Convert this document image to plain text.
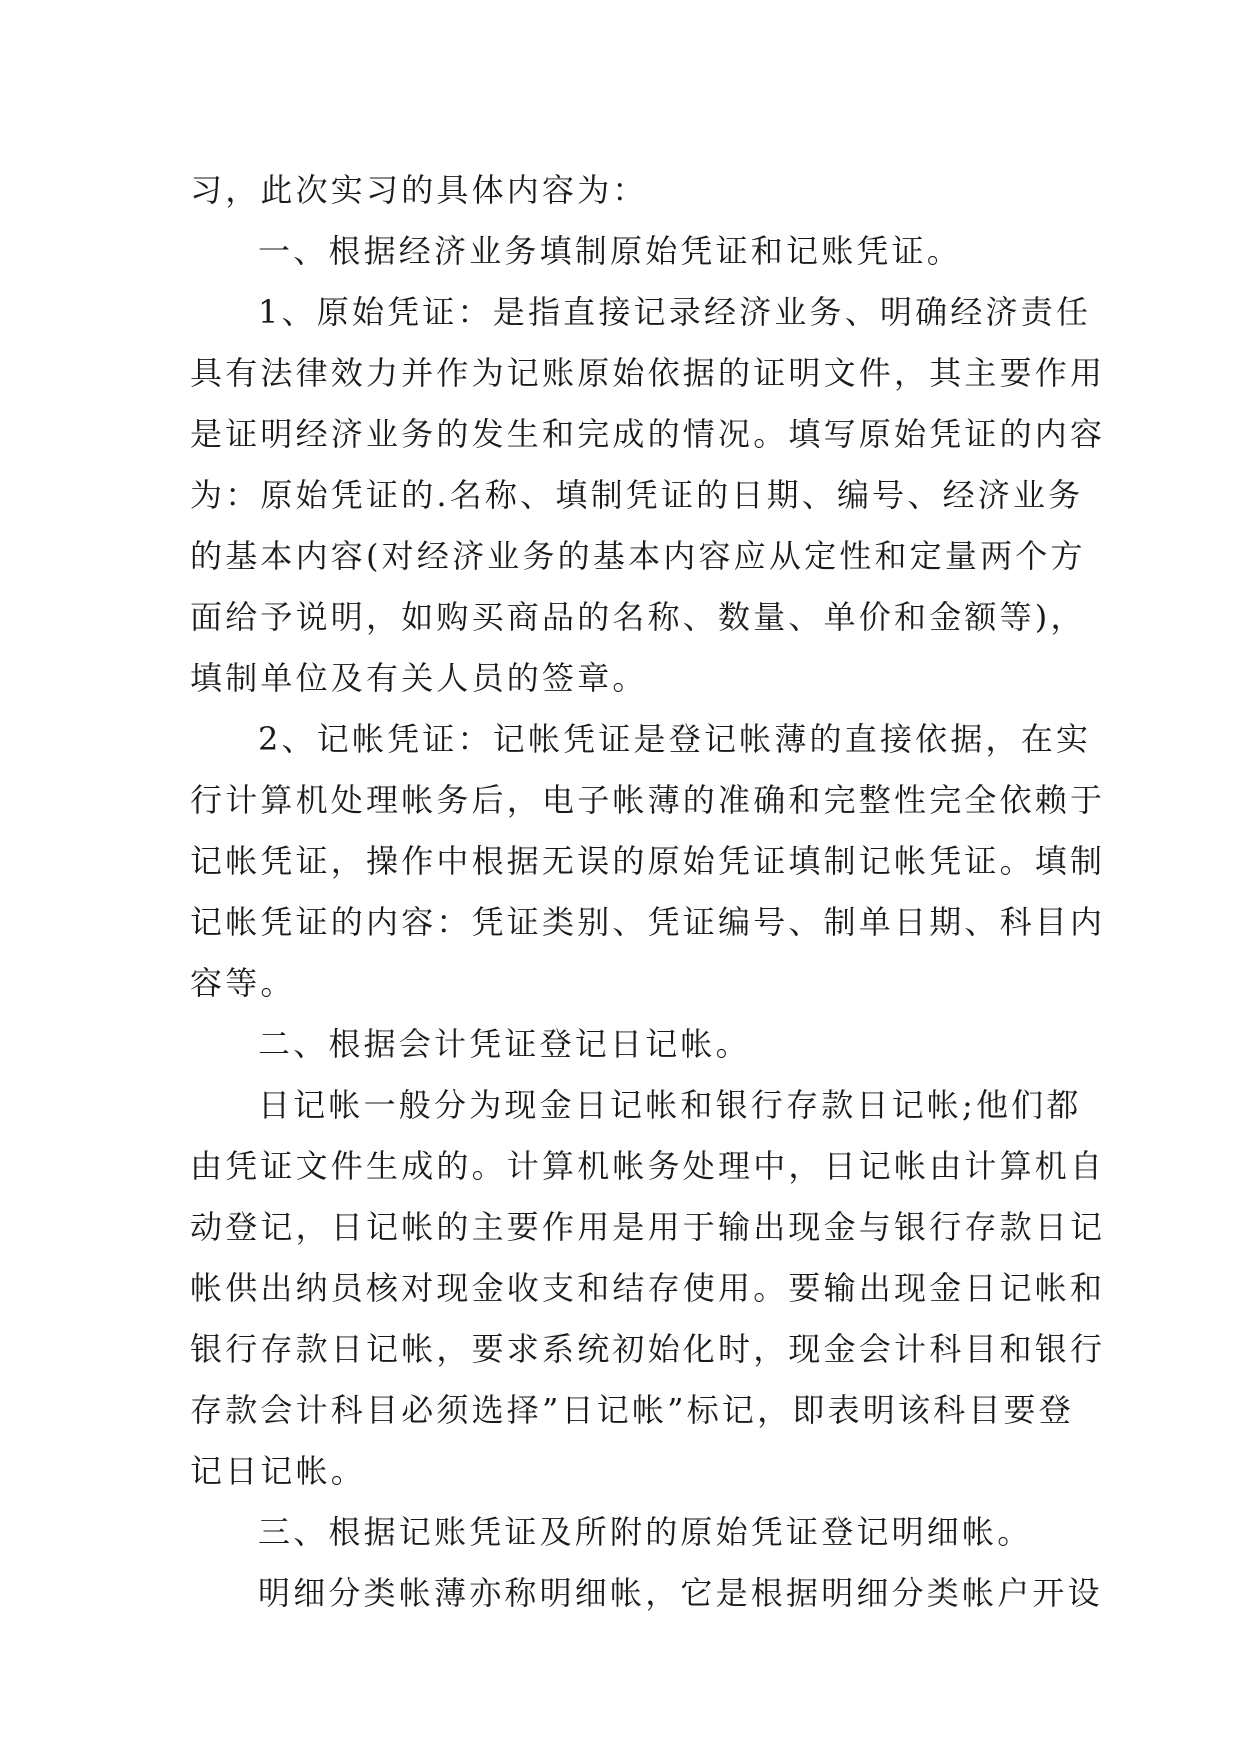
习，此次实习的具体内容为：

一、根据经济业务填制原始凭证和记账凭证。

1、原始凭证：是指直接记录经济业务、明确经济责任
具有法律效力并作为记账原始依据的证明文件，其主要作用
是证明经济业务的发生和完成的情况。填写原始凭证的内容
为：原始凭证的.名称、填制凭证的日期、编号、经济业务
的基本内容(对经济业务的基本内容应从定性和定量两个方
面给予说明，如购买商品的名称、数量、单价和金额等)，
填制单位及有关人员的签章。

2、记帐凭证：记帐凭证是登记帐薄的直接依据，在实
行计算机处理帐务后，电子帐薄的准确和完整性完全依赖于
记帐凭证，操作中根据无误的原始凭证填制记帐凭证。填制
记帐凭证的内容：凭证类别、凭证编号、制单日期、科目内
容等。

二、根据会计凭证登记日记帐。

日记帐一般分为现金日记帐和银行存款日记帐;他们都
由凭证文件生成的。计算机帐务处理中，日记帐由计算机自
动登记，日记帐的主要作用是用于输出现金与银行存款日记
帐供出纳员核对现金收支和结存使用。要输出现金日记帐和
银行存款日记帐，要求系统初始化时，现金会计科目和银行
存款会计科目必须选择”日记帐”标记，即表明该科目要登
记日记帐。

三、根据记账凭证及所附的原始凭证登记明细帐。

明细分类帐薄亦称明细帐，它是根据明细分类帐户开设
